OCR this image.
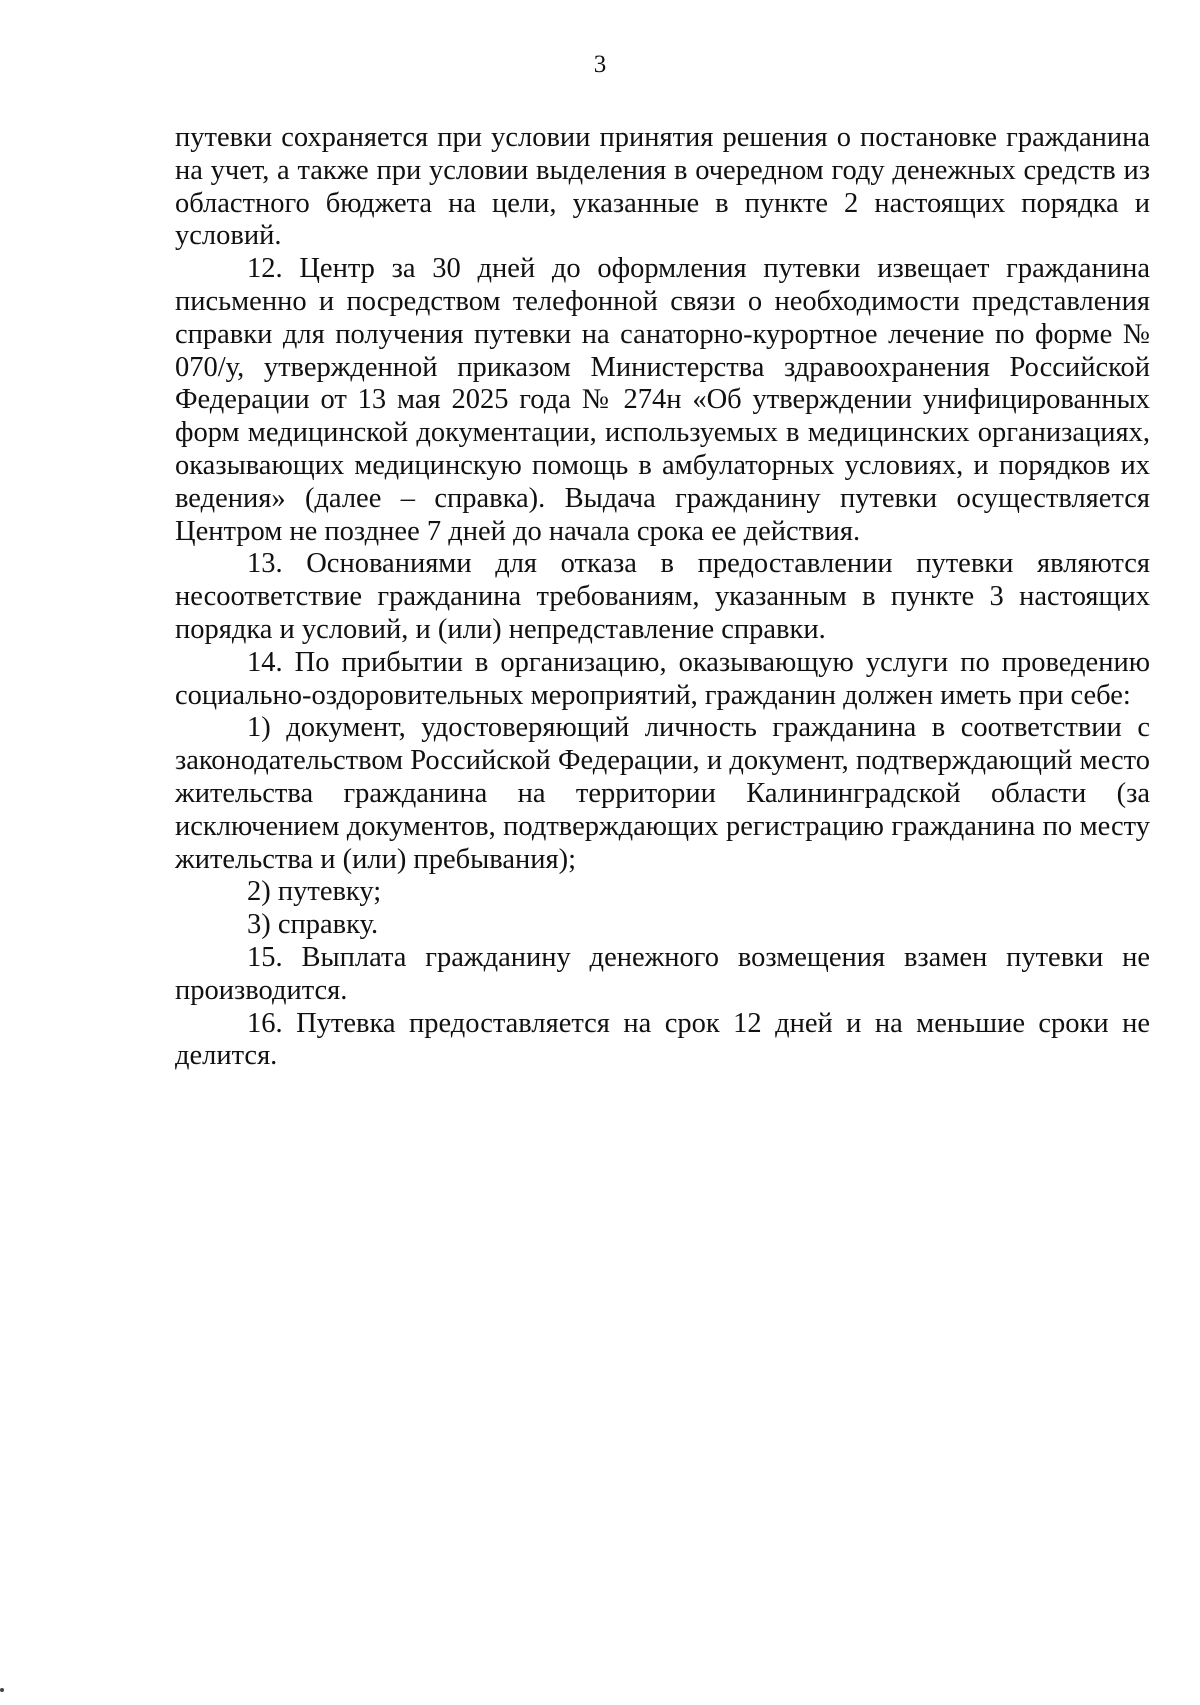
3

путевки сохраняется при условии принятия решения о постановке гражданина на учет, а также при условии выделения в очередном году денежных средств из областного бюджета на цели, указанные в пункте 2 настоящих порядка и условий.

12. Центр за 30 дней до оформления путевки извещает гражданина письменно и посредством телефонной связи о необходимости представления справки для получения путевки на санаторно-курортное лечение по форме № 070/у, утвержденной приказом Министерства здравоохранения Российской Федерации от 13 мая 2025 года № 274н «Об утверждении унифицированных форм медицинской документации, используемых в медицинских организациях, оказывающих медицинскую помощь в амбулаторных условиях, и порядков их ведения» (далее – справка). Выдача гражданину путевки осуществляется Центром не позднее 7 дней до начала срока ее действия.

13. Основаниями для отказа в предоставлении путевки являются несоответствие гражданина требованиям, указанным в пункте 3 настоящих порядка и условий, и (или) непредставление справки.

14. По прибытии в организацию, оказывающую услуги по проведению социально-оздоровительных мероприятий, гражданин должен иметь при себе:

1) документ, удостоверяющий личность гражданина в соответствии с законодательством Российской Федерации, и документ, подтверждающий место жительства гражданина на территории Калининградской области (за исключением документов, подтверждающих регистрацию гражданина по месту жительства и (или) пребывания);

2) путевку;

3) справку.

15. Выплата гражданину денежного возмещения взамен путевки не производится.

16. Путевка предоставляется на срок 12 дней и на меньшие сроки не делится.
